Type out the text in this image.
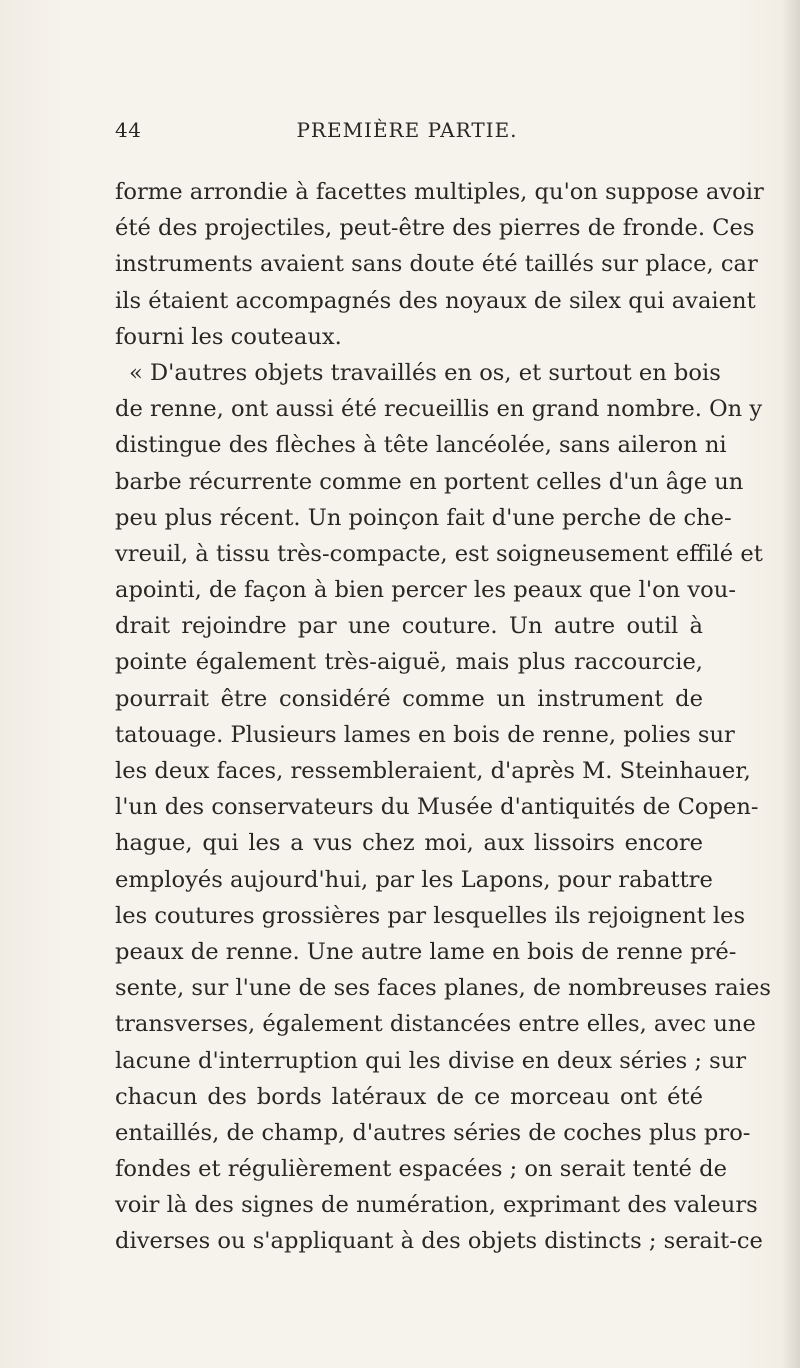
44	PREMIÈRE PARTIE.
forme arrondie à facettes multiples, qu'on suppose avoir
été des projectiles, peut-être des pierres de fronde. Ces
instruments avaient sans doute été taillés sur place, car
ils étaient accompagnés des noyaux de silex qui avaient
fourni les couteaux.
« D'autres objets travaillés en os, et surtout en bois
de renne, ont aussi été recueillis en grand nombre. On y
distingue des flèches à tête lancéolée, sans aileron ni
barbe récurrente comme en portent celles d'un âge un
peu plus récent. Un poinçon fait d'une perche de che-
vreuil, à tissu très-compacte, est soigneusement effilé et
apointi, de façon à bien percer les peaux que l'on vou-
drait rejoindre par une couture. Un autre outil à
pointe également très-aiguë, mais plus raccourcie,
pourrait être considéré comme un instrument de
tatouage. Plusieurs lames en bois de renne, polies sur
les deux faces, ressembleraient, d'après M. Steinhauer,
l'un des conservateurs du Musée d'antiquités de Copen-
hague, qui les a vus chez moi, aux lissoirs encore
employés aujourd'hui, par les Lapons, pour rabattre
les coutures grossières par lesquelles ils rejoignent les
peaux de renne. Une autre lame en bois de renne pré-
sente, sur l'une de ses faces planes, de nombreuses raies
transverses, également distancées entre elles, avec une
lacune d'interruption qui les divise en deux séries ; sur
chacun des bords latéraux de ce morceau ont été
entaillés, de champ, d'autres séries de coches plus pro-
fondes et régulièrement espacées ; on serait tenté de
voir là des signes de numération, exprimant des valeurs
diverses ou s'appliquant à des objets distincts ; serait-ce
